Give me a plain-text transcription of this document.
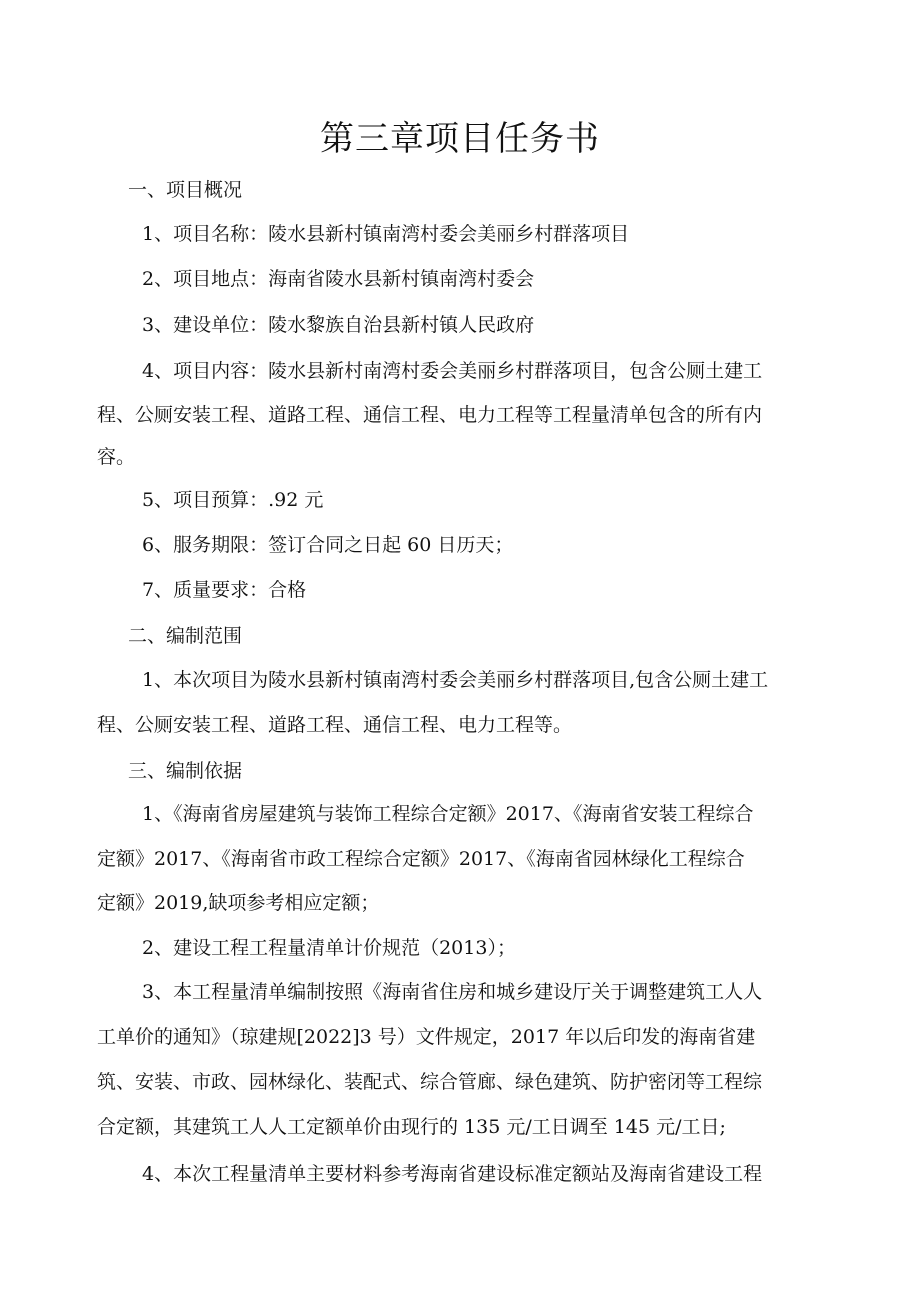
第三章项目任务书
一、项目概况
1、项目名称：陵水县新村镇南湾村委会美丽乡村群落项目
2、项目地点：海南省陵水县新村镇南湾村委会
3、建设单位：陵水黎族自治县新村镇人民政府
4、项目内容：陵水县新村南湾村委会美丽乡村群落项目，包含公厕土建工
程、公厕安装工程、道路工程、通信工程、电力工程等工程量清单包含的所有内
容。
5、项目预算：.92 元
6、服务期限：签订合同之日起 60 日历天；
7、质量要求：合格
二、编制范围
1、本次项目为陵水县新村镇南湾村委会美丽乡村群落项目,包含公厕土建工
程、公厕安装工程、道路工程、通信工程、电力工程等。
三、编制依据
1、《海南省房屋建筑与装饰工程综合定额》2017、《海南省安装工程综合
定额》2017、《海南省市政工程综合定额》2017、《海南省园林绿化工程综合
定额》2019,缺项参考相应定额；
2、建设工程工程量清单计价规范（2013）；
3、本工程量清单编制按照《海南省住房和城乡建设厅关于调整建筑工人人
工单价的通知》（琼建规[2022]3 号）文件规定，2017 年以后印发的海南省建
筑、安装、市政、园林绿化、装配式、综合管廊、绿色建筑、防护密闭等工程综
合定额，其建筑工人人工定额单价由现行的 135 元/工日调至 145 元/工日;
4、本次工程量清单主要材料参考海南省建设标准定额站及海南省建设工程
